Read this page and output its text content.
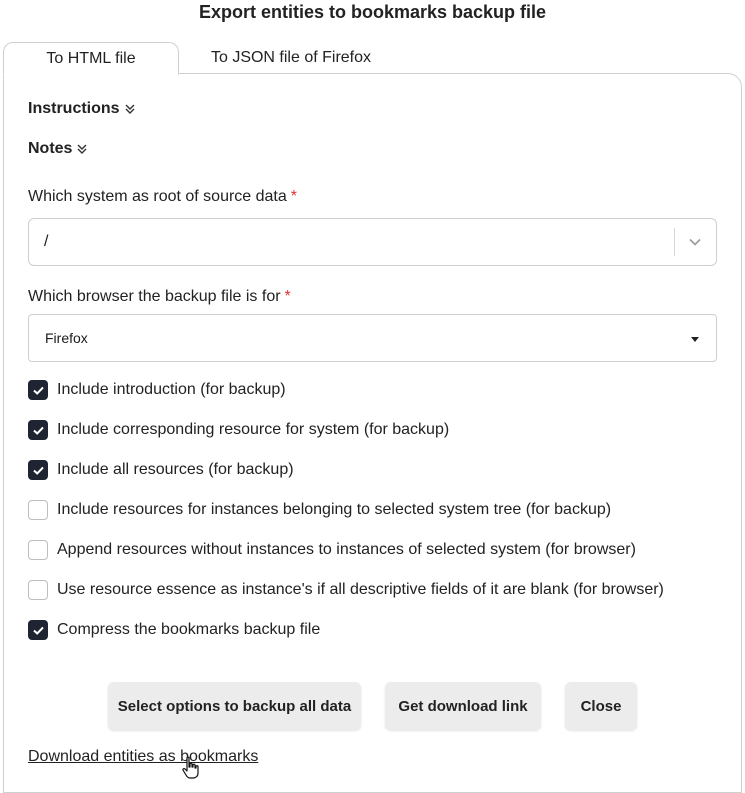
Export entities to bookmarks backup file
To HTML file	To JSON file of Firefox
Instructions
Notes
Which system as root of source data *
/
Which browser the backup file is for *
Firefox
Include introduction (for backup)
Include corresponding resource for system (for backup)
Include all resources (for backup)
Include resources for instances belonging to selected system tree (for backup)
Append resources without instances to instances of selected system (for browser)
Use resource essence as instance's if all descriptive fields of it are blank (for browser)
Compress the bookmarks backup file
Select options to backup all data	Get download link	Close
Download entities as bookmarks
